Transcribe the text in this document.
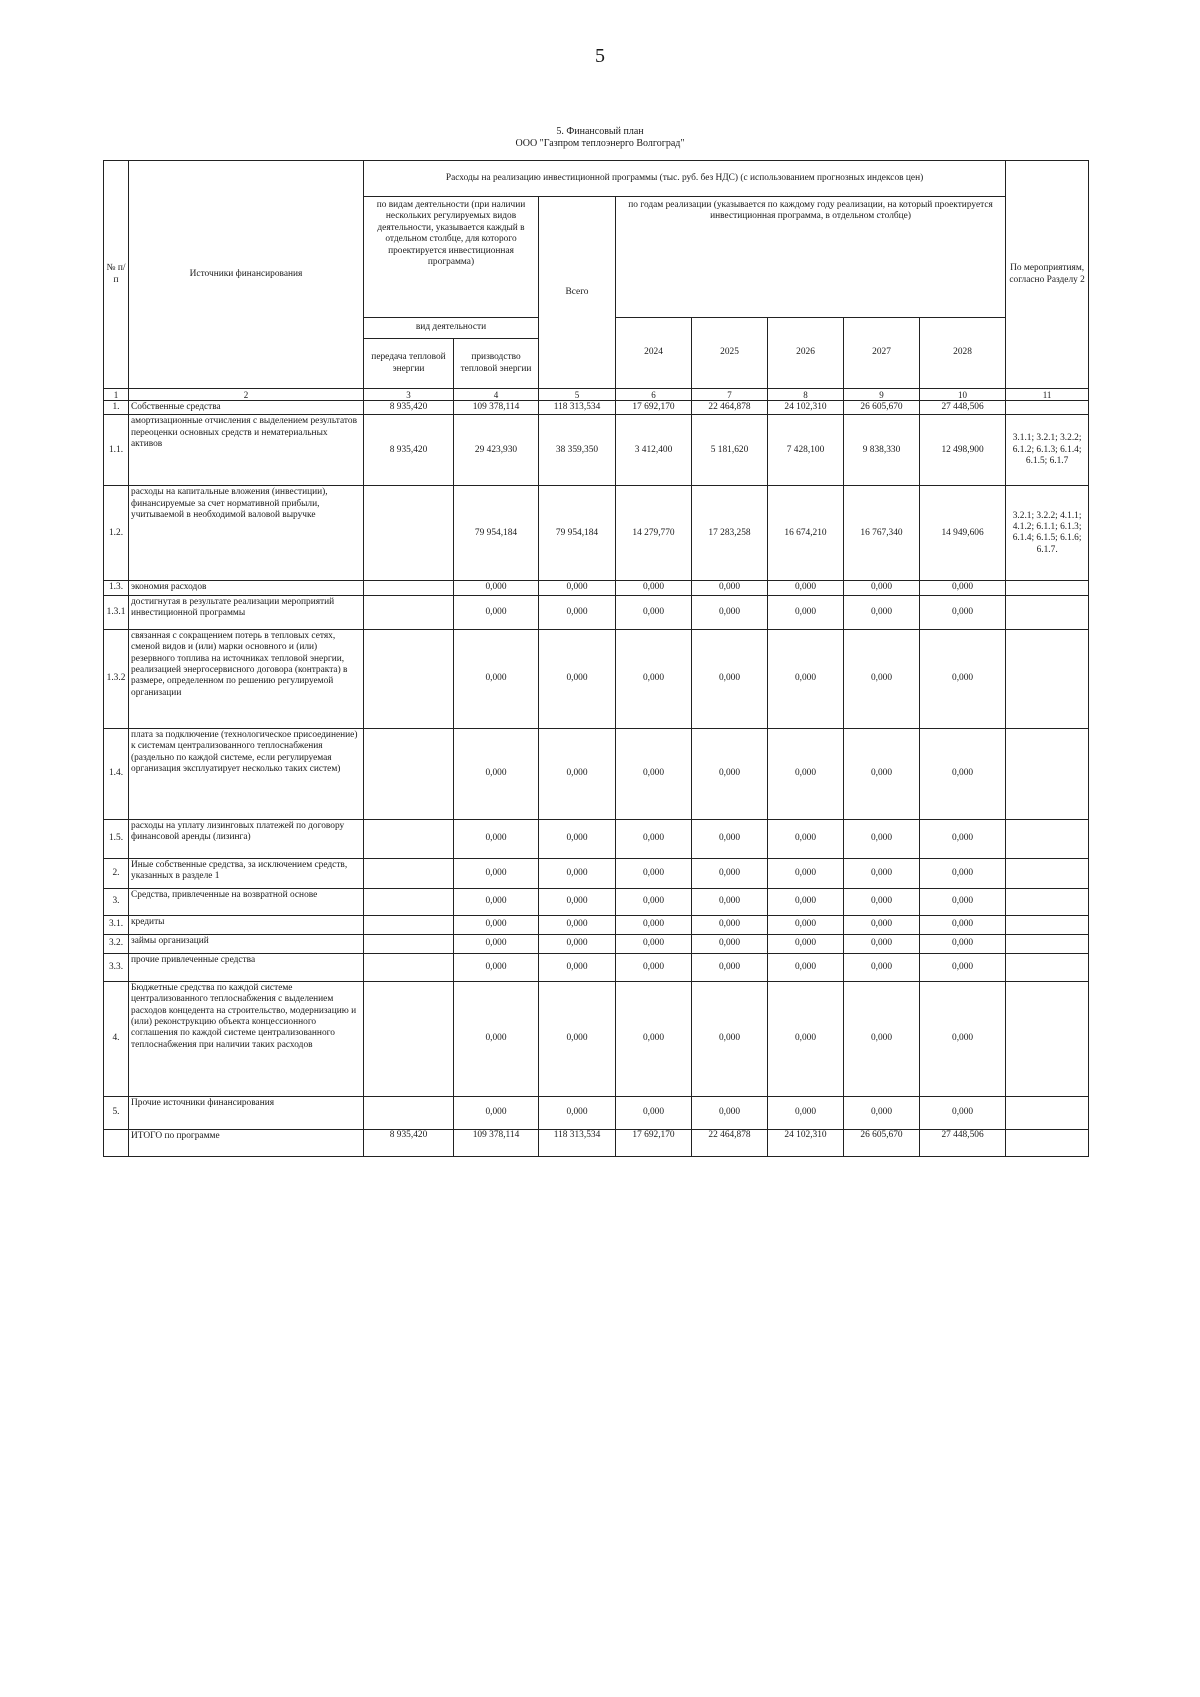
5
5. Финансовый план
ООО "Газпром теплоэнерго Волгоград"
№ п/п	Источники финансирования	Расходы на реализацию инвестиционной программы (тыс. руб. без НДС) (с использованием прогнозных индексов цен)								По мероприятиям, согласно Разделу 2
		по видам деятельности (при наличии нескольких регулируемых видов деятельности, указывается каждый в отдельном столбце, для которого проектируется инвестиционная программа)		Всего	по годам реализации (указывается по каждому году реализации, на который проектируется инвестиционная программа, в отдельном столбце)					
		вид деятельности			2024	2025	2026	2027	2028	
		передача тепловой энергии	призводство тепловой энергии							
1	2	3	4	5	6	7	8	9	10	11
1.	Собственные средства	8 935,420	109 378,114	118 313,534	17 692,170	22 464,878	24 102,310	26 605,670	27 448,506	
1.1.	амортизационные отчисления с выделением результатов переоценки основных средств и нематериальных активов	8 935,420	29 423,930	38 359,350	3 412,400	5 181,620	7 428,100	9 838,330	12 498,900	3.1.1; 3.2.1; 3.2.2; 6.1.2; 6.1.3; 6.1.4; 6.1.5; 6.1.7
1.2.	расходы на капитальные вложения (инвестиции), финансируемые за счет нормативной прибыли, учитываемой в необходимой валовой выручке		79 954,184	79 954,184	14 279,770	17 283,258	16 674,210	16 767,340	14 949,606	3.2.1; 3.2.2; 4.1.1; 4.1.2; 6.1.1; 6.1.3; 6.1.4; 6.1.5; 6.1.6; 6.1.7.
1.3.	экономия расходов		0,000	0,000	0,000	0,000	0,000	0,000	0,000	
1.3.1	достигнутая в результате реализации мероприятий инвестиционной программы		0,000	0,000	0,000	0,000	0,000	0,000	0,000	
1.3.2	связанная с сокращением потерь в тепловых сетях, сменой видов и (или) марки основного и (или) резервного топлива на источниках тепловой энергии, реализацией энергосервисного договора (контракта) в размере, определенном по решению регулируемой организации		0,000	0,000	0,000	0,000	0,000	0,000	0,000	
1.4.	плата за подключение (технологическое присоединение) к системам централизованного теплоснабжения (раздельно по каждой системе, если регулируемая организация эксплуатирует несколько таких систем)		0,000	0,000	0,000	0,000	0,000	0,000	0,000	
1.5.	расходы на уплату лизинговых платежей по договору финансовой аренды (лизинга)		0,000	0,000	0,000	0,000	0,000	0,000	0,000	
2.	Иные собственные средства, за исключением средств, указанных в разделе 1		0,000	0,000	0,000	0,000	0,000	0,000	0,000	
3.	Средства, привлеченные на возвратной основе		0,000	0,000	0,000	0,000	0,000	0,000	0,000	
3.1.	кредиты		0,000	0,000	0,000	0,000	0,000	0,000	0,000	
3.2.	займы организаций		0,000	0,000	0,000	0,000	0,000	0,000	0,000	
3.3.	прочие привлеченные средства		0,000	0,000	0,000	0,000	0,000	0,000	0,000	
4.	Бюджетные средства по каждой системе централизованного теплоснабжения с выделением расходов концедента на строительство, модернизацию и (или) реконструкцию объекта концессионного соглашения по каждой системе централизованного теплоснабжения при наличии таких расходов		0,000	0,000	0,000	0,000	0,000	0,000	0,000	
5.	Прочие источники финансирования		0,000	0,000	0,000	0,000	0,000	0,000	0,000	
	ИТОГО по программе	8 935,420	109 378,114	118 313,534	17 692,170	22 464,878	24 102,310	26 605,670	27 448,506	
